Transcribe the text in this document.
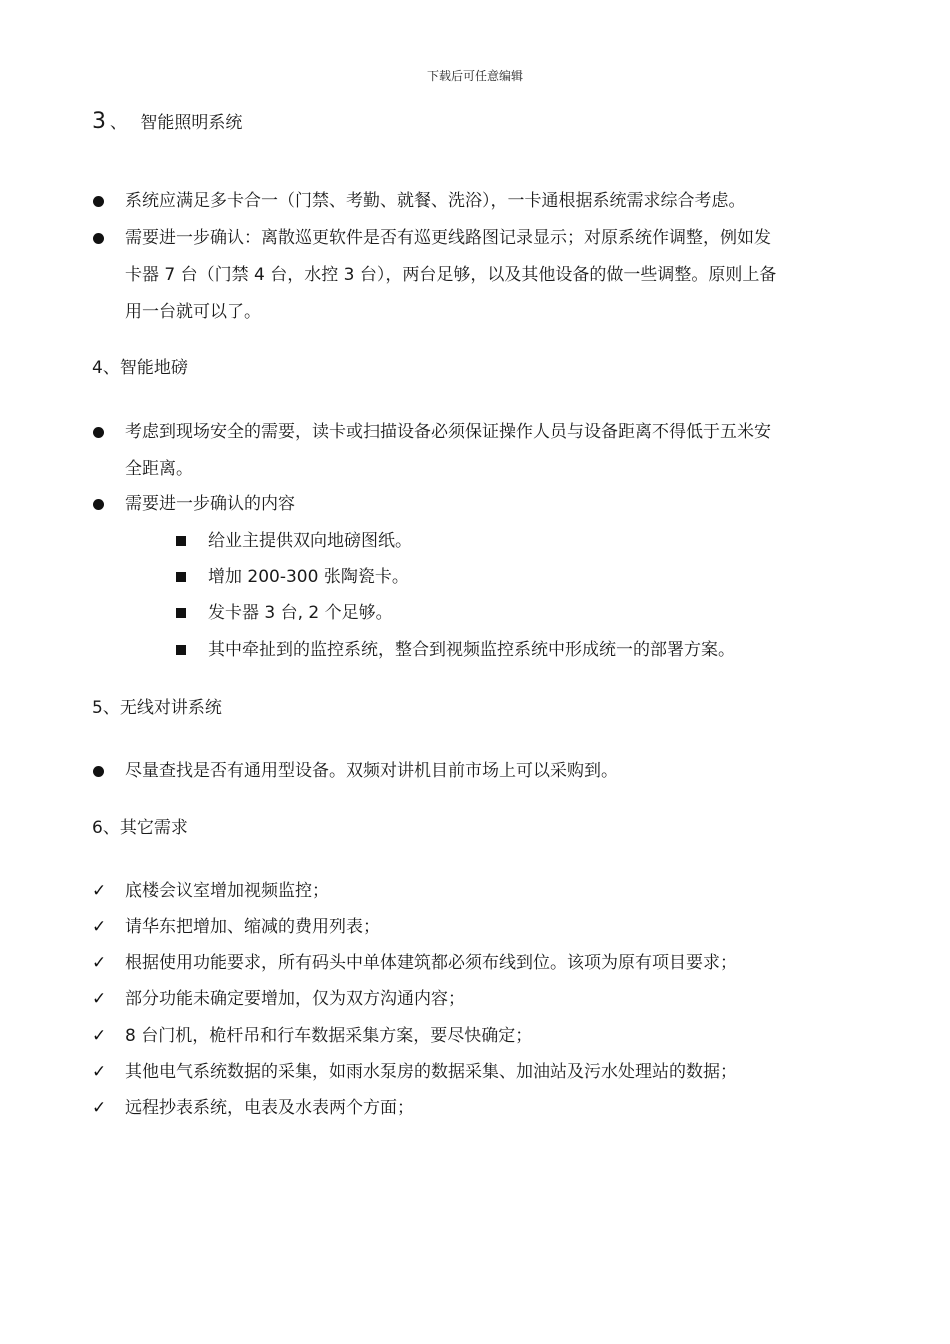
下载后可任意编辑
3 、 智能照明系统
系统应满足多卡合一（门禁、考勤、就餐、洗浴），一卡通根据系统需求综合考虑。
需要进一步确认：离散巡更软件是否有巡更线路图记录显示；对原系统作调整，例如发
卡器 7 台（门禁 4 台，水控 3 台），两台足够，以及其他设备的做一些调整。原则上备
用一台就可以了。
4、智能地磅
考虑到现场安全的需要，读卡或扫描设备必须保证操作人员与设备距离不得低于五米安
全距离。
需要进一步确认的内容
给业主提供双向地磅图纸。
增加 200-300 张陶瓷卡。
发卡器 3 台, 2 个足够。
其中牵扯到的监控系统，整合到视频监控系统中形成统一的部署方案。
5、无线对讲系统
尽量查找是否有通用型设备。双频对讲机目前市场上可以采购到。
6、其它需求
✓	底楼会议室增加视频监控；
✓	请华东把增加、缩减的费用列表；
✓	根据使用功能要求，所有码头中单体建筑都必须布线到位。该项为原有项目要求；
✓	部分功能未确定要增加，仅为双方沟通内容；
✓	8 台门机，桅杆吊和行车数据采集方案，要尽快确定；
✓	其他电气系统数据的采集，如雨水泵房的数据采集、加油站及污水处理站的数据；
✓	远程抄表系统，电表及水表两个方面；
